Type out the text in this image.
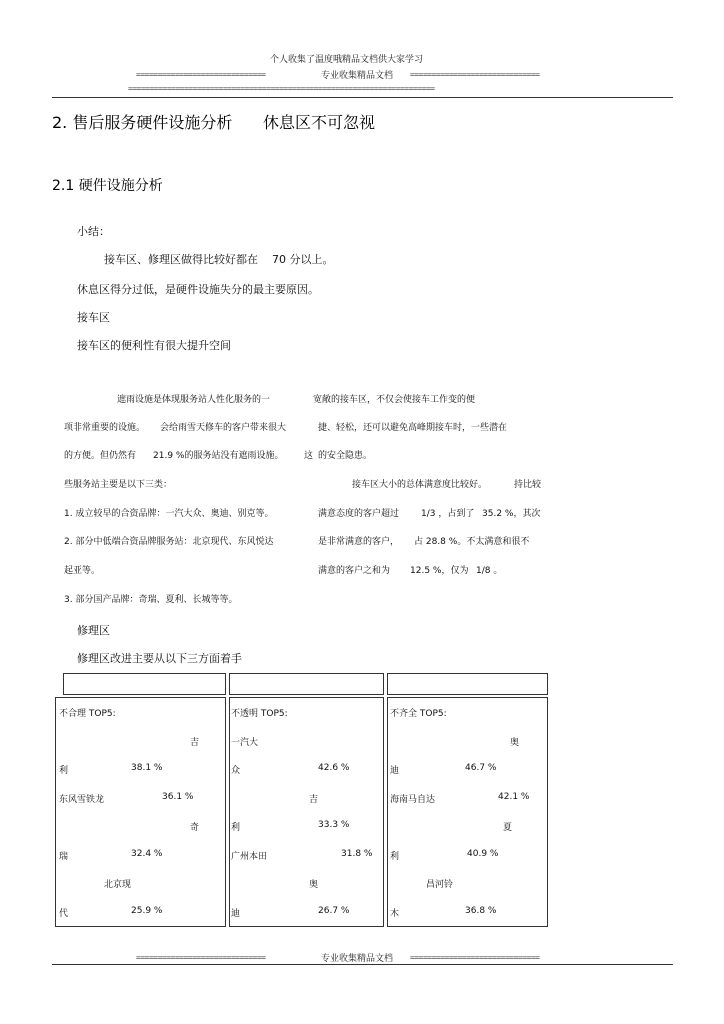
个人收集了温度哦精品文档供大家学习
==============================	专业收集精品文档 ==============================
=======================================================================
2. 售后服务硬件设施分析 休息区不可忽视
2.1 硬件设施分析
小结：
接车区、修理区做得比较好都在 70 分以上。
休息区得分过低，是硬件设施失分的最主要原因。
接车区
接车区的便利性有很大提升空间
遮雨设施是体现服务站人性化服务的一
项非常重要的设施。 会给雨雪天修车的客户带来很大
的方便。但仍然有 21.9 %的服务站没有遮雨设施。 这
些服务站主要是以下三类：
1. 成立较早的合资品牌：一汽大众、奥迪、别克等。
2. 部分中低端合资品牌服务站：北京现代、东风悦达
起亚等。
3. 部分国产品牌：奇瑞、夏利、长城等等。
宽敞的接车区，不仅会使接车工作变的便
捷、轻松，还可以避免高峰期接车时，一些潜在
的安全隐患。
接车区大小的总体满意度比较好。	持比较
满意态度的客户超过 1/3 ，占到了 35.2 %，其次
是非常满意的客户， 占 28.8 %。不太满意和很不
满意的客户之和为 12.5 %，仅为 1/8 。
修理区
修理区改进主要从以下三方面着手
不合理 TOP5:
吉
利	38.1 %
东风雪铁龙	36.1 %
奇
瑞	32.4 %
北京现
代	25.9 %
不透明 TOP5:
一汽大
众	42.6 %
吉
利	33.3 %
广州本田	31.8 %
奥
迪	26.7 %
不齐全 TOP5:
奥
迪	46.7 %
海南马自达	42.1 %
夏
利	40.9 %
昌河铃
木	36.8 %
==============================	专业收集精品文档 ==============================
